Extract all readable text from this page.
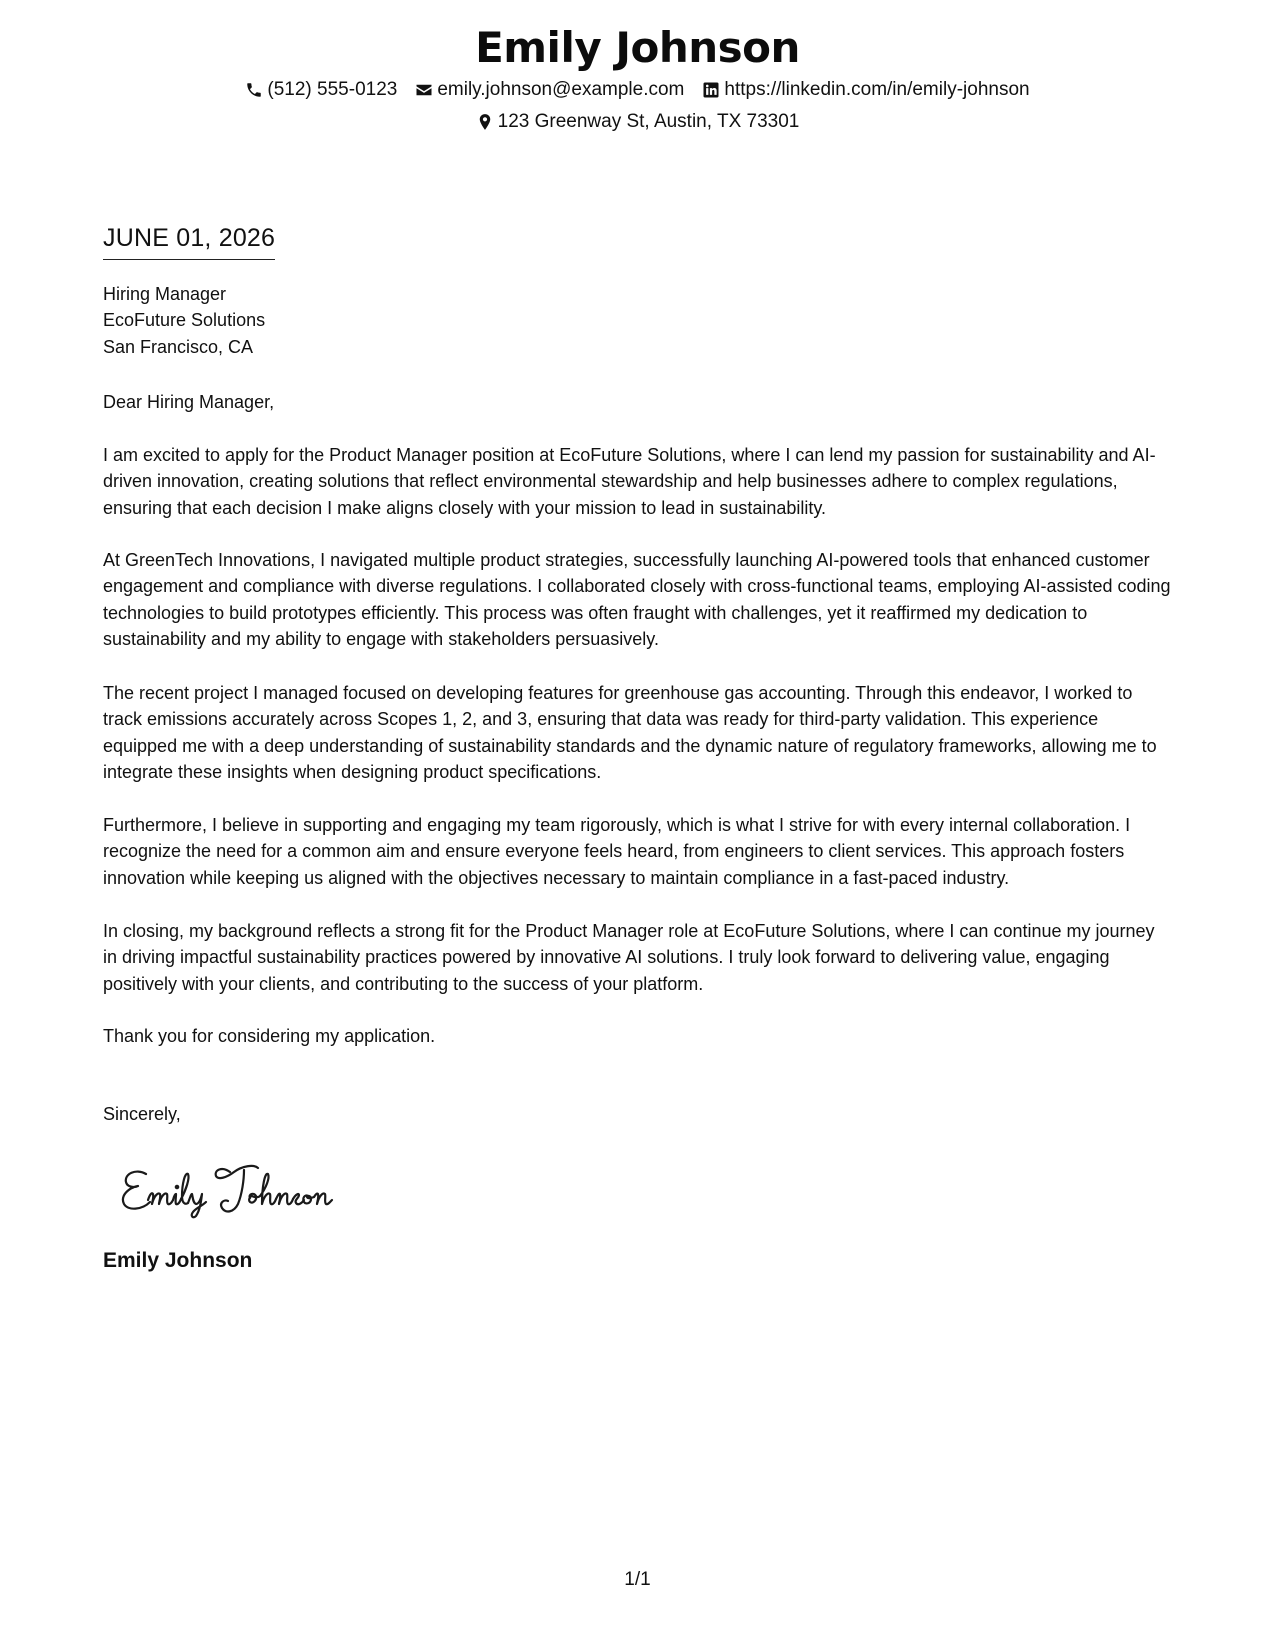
Emily Johnson
(512) 555-0123 emily.johnson@example.com https://linkedin.com/in/emily-johnson
123 Greenway St, Austin, TX 73301
JUNE 01, 2026
Hiring Manager
EcoFuture Solutions
San Francisco, CA
Dear Hiring Manager,

I am excited to apply for the Product Manager position at EcoFuture Solutions, where I can lend my passion for sustainability and AI-driven innovation, creating solutions that reflect environmental stewardship and help businesses adhere to complex regulations, ensuring that each decision I make aligns closely with your mission to lead in sustainability.

At GreenTech Innovations, I navigated multiple product strategies, successfully launching AI-powered tools that enhanced customer engagement and compliance with diverse regulations. I collaborated closely with cross-functional teams, employing AI-assisted coding technologies to build prototypes efficiently. This process was often fraught with challenges, yet it reaffirmed my dedication to sustainability and my ability to engage with stakeholders persuasively.

The recent project I managed focused on developing features for greenhouse gas accounting. Through this endeavor, I worked to track emissions accurately across Scopes 1, 2, and 3, ensuring that data was ready for third-party validation. This experience equipped me with a deep understanding of sustainability standards and the dynamic nature of regulatory frameworks, allowing me to integrate these insights when designing product specifications.

Furthermore, I believe in supporting and engaging my team rigorously, which is what I strive for with every internal collaboration. I recognize the need for a common aim and ensure everyone feels heard, from engineers to client services. This approach fosters innovation while keeping us aligned with the objectives necessary to maintain compliance in a fast-paced industry.

In closing, my background reflects a strong fit for the Product Manager role at EcoFuture Solutions, where I can continue my journey in driving impactful sustainability practices powered by innovative AI solutions. I truly look forward to delivering value, engaging positively with your clients, and contributing to the success of your platform.

Thank you for considering my application.
Sincerely,
Emily Johnson
1/1
